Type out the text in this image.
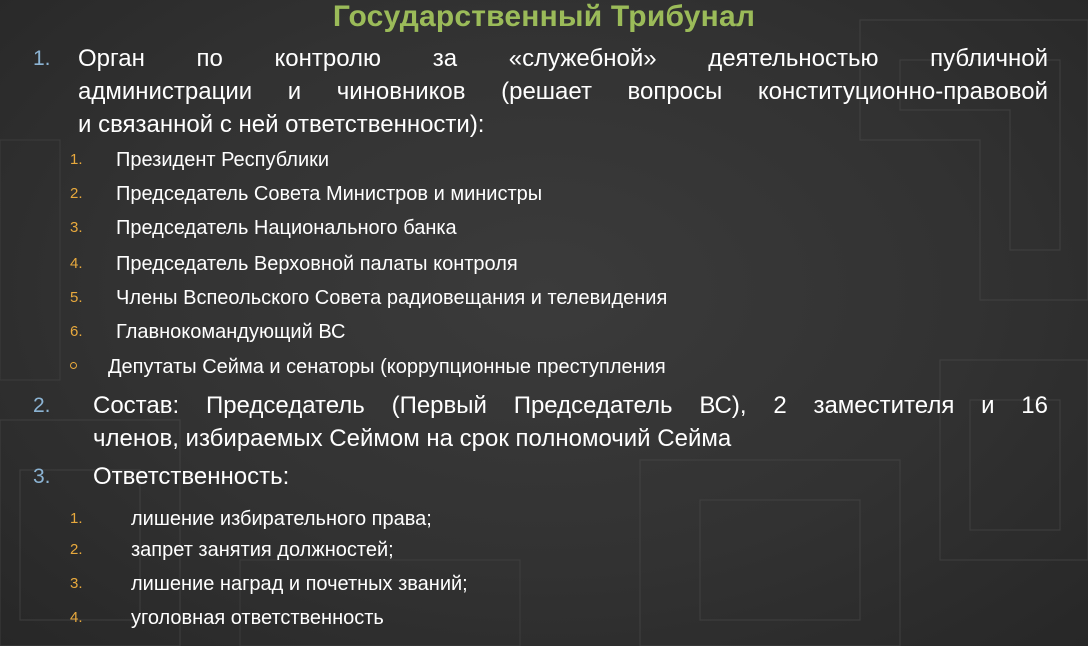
Государственный Трибунал
1. Орган по контролю за «служебной» деятельностью публичной
администрации и чиновников (решает вопросы конституционно-правовой
и связанной с ней ответственности):
1. Президент Республики
2. Председатель Совета Министров и министры
3. Председатель Национального банка
4. Председатель Верховной палаты контроля
5. Члены Вспеольского Совета радиовещания и телевидения
6. Главнокомандующий ВС
Депутаты Сейма и сенаторы (коррупционные преступления
2. Состав: Председатель (Первый Председатель ВС), 2 заместителя и 16
членов, избираемых Сеймом на срок полномочий Сейма
3. Ответственность:
1. лишение избирательного права;
2. запрет занятия должностей;
3. лишение наград и почетных званий;
4. уголовная ответственность
